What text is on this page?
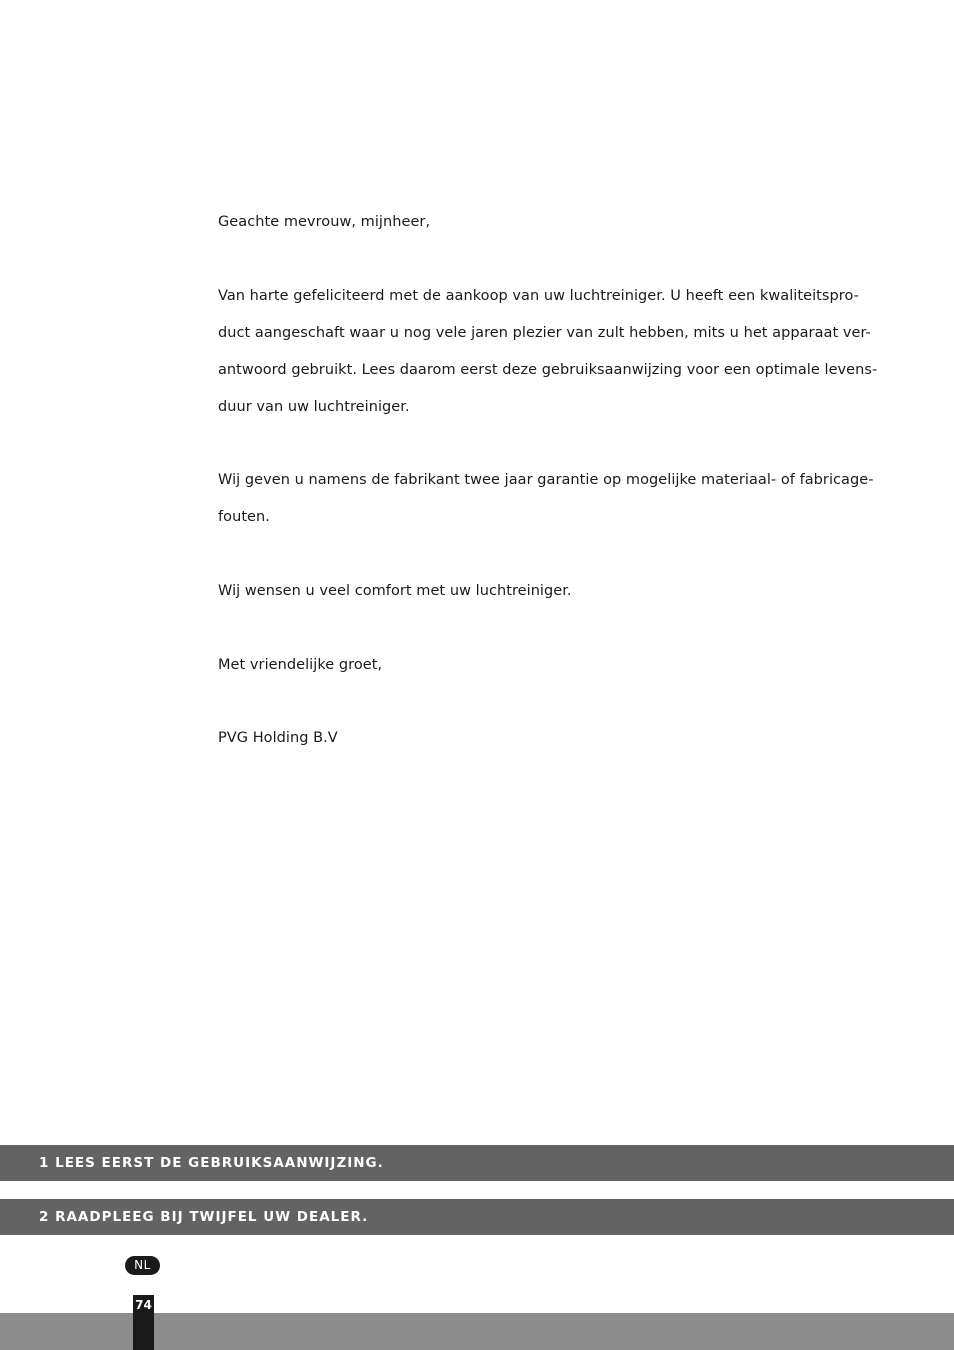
Geachte mevrouw, mijnheer,
Van harte gefeliciteerd met de aankoop van uw luchtreiniger. U heeft een kwaliteitspro-
duct aangeschaft waar u nog vele jaren plezier van zult hebben, mits u het apparaat ver-
antwoord gebruikt. Lees daarom eerst deze gebruiksaanwijzing voor een optimale levens-
duur van uw luchtreiniger.
Wij geven u namens de fabrikant twee jaar garantie op mogelijke materiaal- of fabricage-
fouten.
Wij wensen u veel comfort met uw luchtreiniger.
Met vriendelijke groet,
PVG Holding B.V
1 LEES EERST DE GEBRUIKSAANWIJZING.
2 RAADPLEEG BIJ TWIJFEL UW DEALER.
NL
74
